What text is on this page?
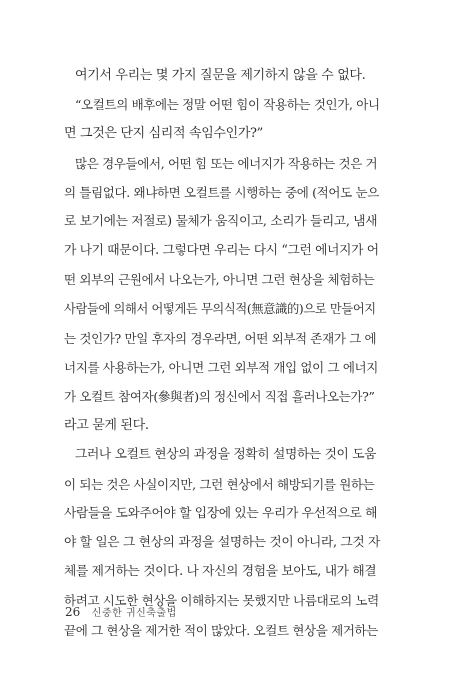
여기서 우리는 몇 가지 질문을 제기하지 않을 수 없다.
“오컬트의 배후에는 정말 어떤 힘이 작용하는 것인가, 아니
면 그것은 단지 심리적 속임수인가?”
많은 경우들에서, 어떤 힘 또는 에너지가 작용하는 것은 거
의 틀림없다. 왜냐하면 오컬트를 시행하는 중에 (적어도 눈으
로 보기에는 저절로) 물체가 움직이고, 소리가 들리고, 냄새
가 나기 때문이다. 그렇다면 우리는 다시 “그런 에너지가 어
떤 외부의 근원에서 나오는가, 아니면 그런 현상을 체험하는
사람들에 의해서 어떻게든 무의식적(無意識的)으로 만들어지
는 것인가? 만일 후자의 경우라면, 어떤 외부적 존재가 그 에
너지를 사용하는가, 아니면 그런 외부적 개입 없이 그 에너지
가 오컬트 참여자(參與者)의 정신에서 직접 흘러나오는가?”
라고 묻게 된다.
그러나 오컬트 현상의 과정을 정확히 설명하는 것이 도움
이 되는 것은 사실이지만, 그런 현상에서 해방되기를 원하는
사람들을 도와주어야 할 입장에 있는 우리가 우선적으로 해
야 할 일은 그 현상의 과정을 설명하는 것이 아니라, 그것 자
체를 제거하는 것이다. 나 자신의 경험을 보아도, 내가 해결
하려고 시도한 현상을 이해하지는 못했지만 나름대로의 노력
끝에 그 현상을 제거한 적이 많았다. 오컬트 현상을 제거하는
26 신중한 귀신축출법
